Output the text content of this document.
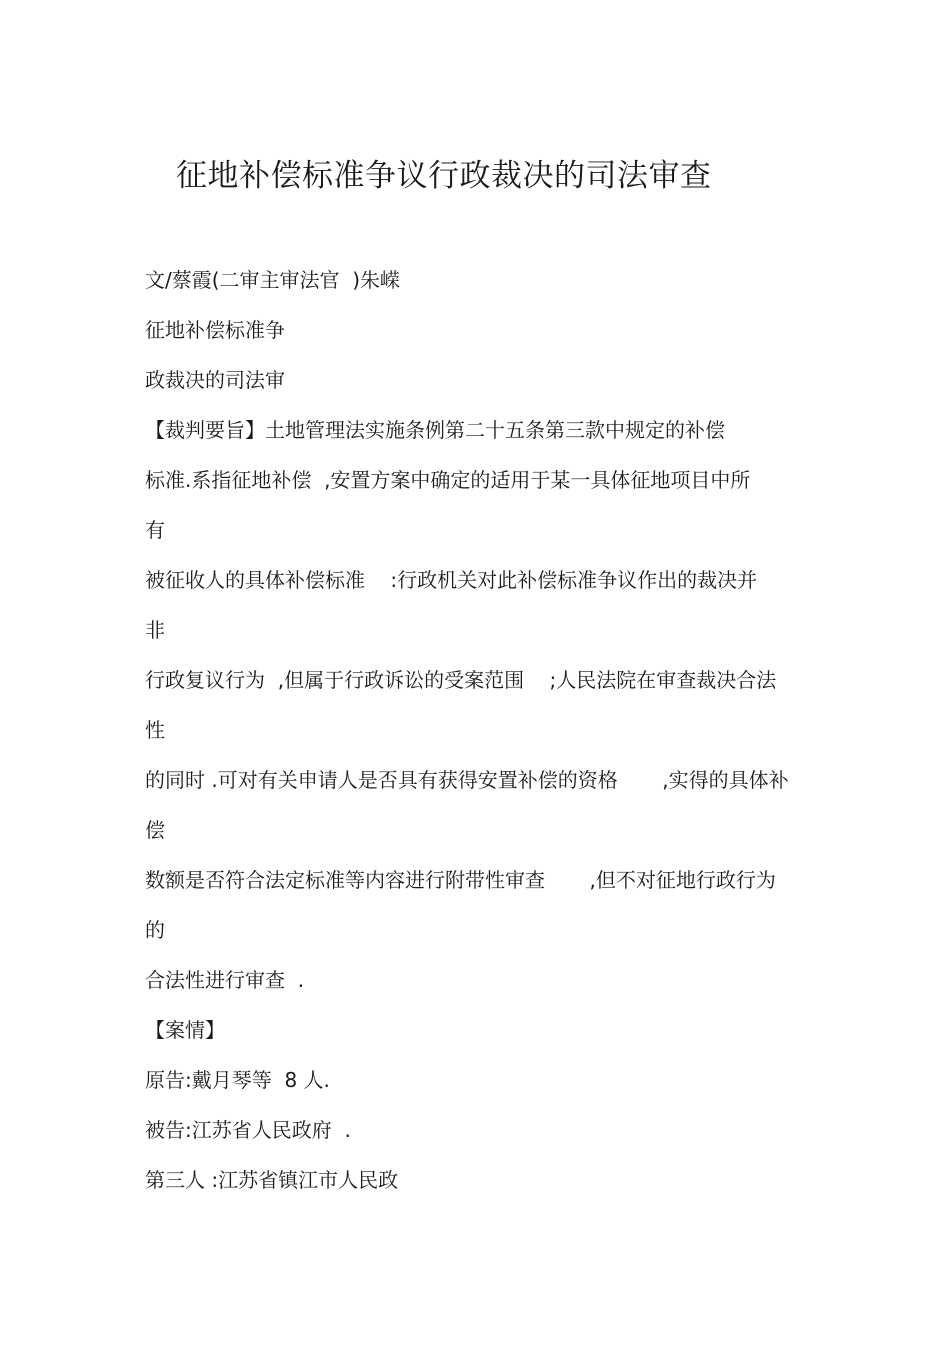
征地补偿标准争议行政裁决的司法审查
文/蔡霞(二审主审法官  )朱嵘
征地补偿标准争
政裁决的司法审
【裁判要旨】土地管理法实施条例第二十五条第三款中规定的补偿
标准.系指征地补偿  ,安置方案中确定的适用于某一具体征地项目中所
有
被征收人的具体补偿标准    :行政机关对此补偿标准争议作出的裁决并
非
行政复议行为  ,但属于行政诉讼的受案范围    ;人民法院在审查裁决合法
性
的同时 .可对有关申请人是否具有获得安置补偿的资格       ,实得的具体补
偿
数额是否符合法定标准等内容进行附带性审查       ,但不对征地行政行为
的
合法性进行审查  .
【案情】
原告:戴月琴等  8 人.
被告:江苏省人民政府  .
第三人 :江苏省镇江市人民政
